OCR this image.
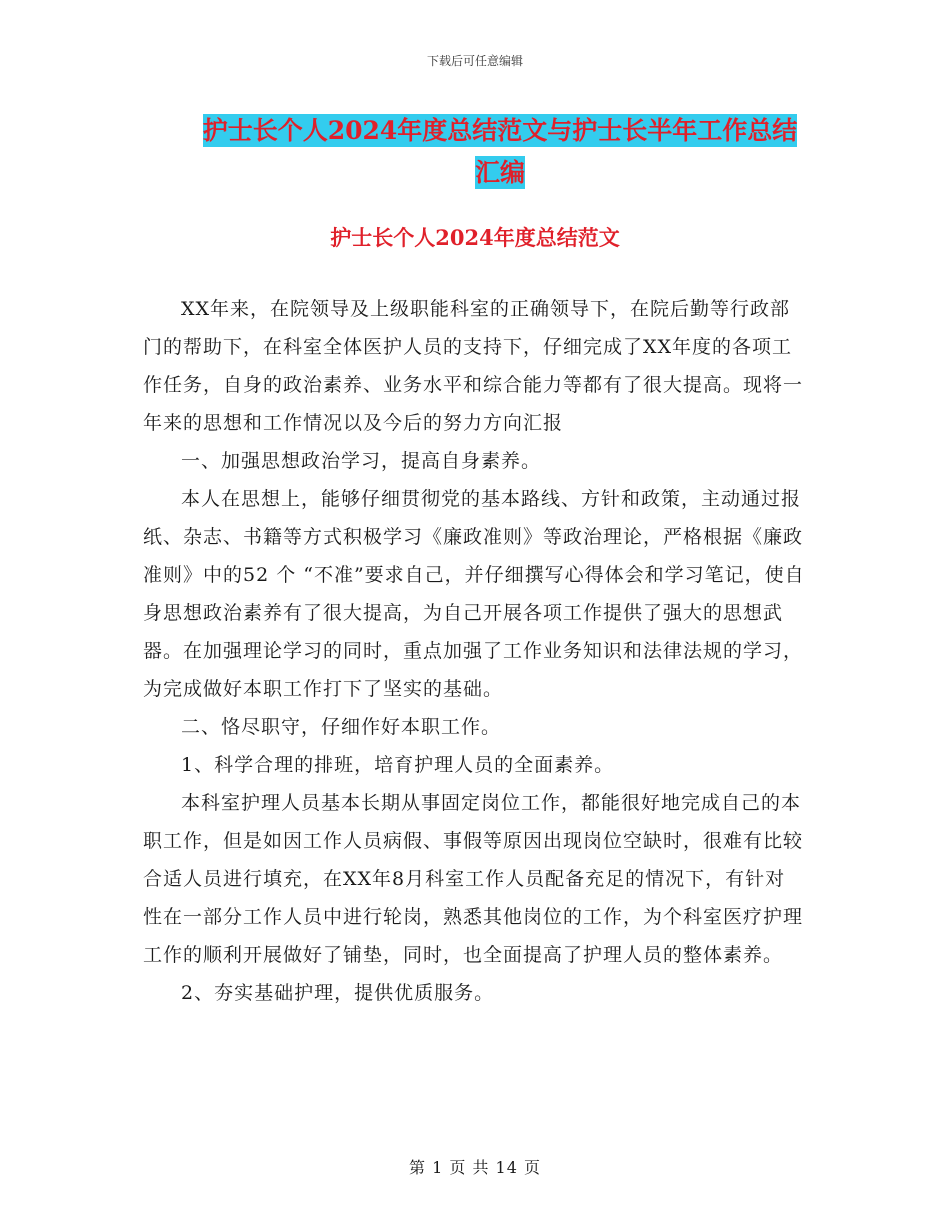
下载后可任意编辑
护士长个人2024年度总结范文与护士长半年工作总结
汇编
护士长个人2024年度总结范文

XX年来，在院领导及上级职能科室的正确领导下，在院后勤等行政部门的帮助下，在科室全体医护人员的支持下，仔细完成了XX年度的各项工作任务，自身的政治素养、业务水平和综合能力等都有了很大提高。现将一年来的思想和工作情况以及今后的努力方向汇报

一、加强思想政治学习，提高自身素养。

本人在思想上，能够仔细贯彻党的基本路线、方针和政策，主动通过报纸、杂志、书籍等方式积极学习《廉政准则》等政治理论，严格根据《廉政准则》中的52 个 “不准”要求自己，并仔细撰写心得体会和学习笔记，使自身思想政治素养有了很大提高，为自己开展各项工作提供了强大的思想武器。在加强理论学习的同时，重点加强了工作业务知识和法律法规的学习，为完成做好本职工作打下了坚实的基础。

二、恪尽职守，仔细作好本职工作。

1、科学合理的排班，培育护理人员的全面素养。

本科室护理人员基本长期从事固定岗位工作，都能很好地完成自己的本职工作，但是如因工作人员病假、事假等原因出现岗位空缺时，很难有比较合适人员进行填充，在XX年8月科室工作人员配备充足的情况下，有针对性在一部分工作人员中进行轮岗，熟悉其他岗位的工作，为个科室医疗护理工作的顺利开展做好了铺垫，同时，也全面提高了护理人员的整体素养。

2、夯实基础护理，提供优质服务。

第 1 页 共 14 页
